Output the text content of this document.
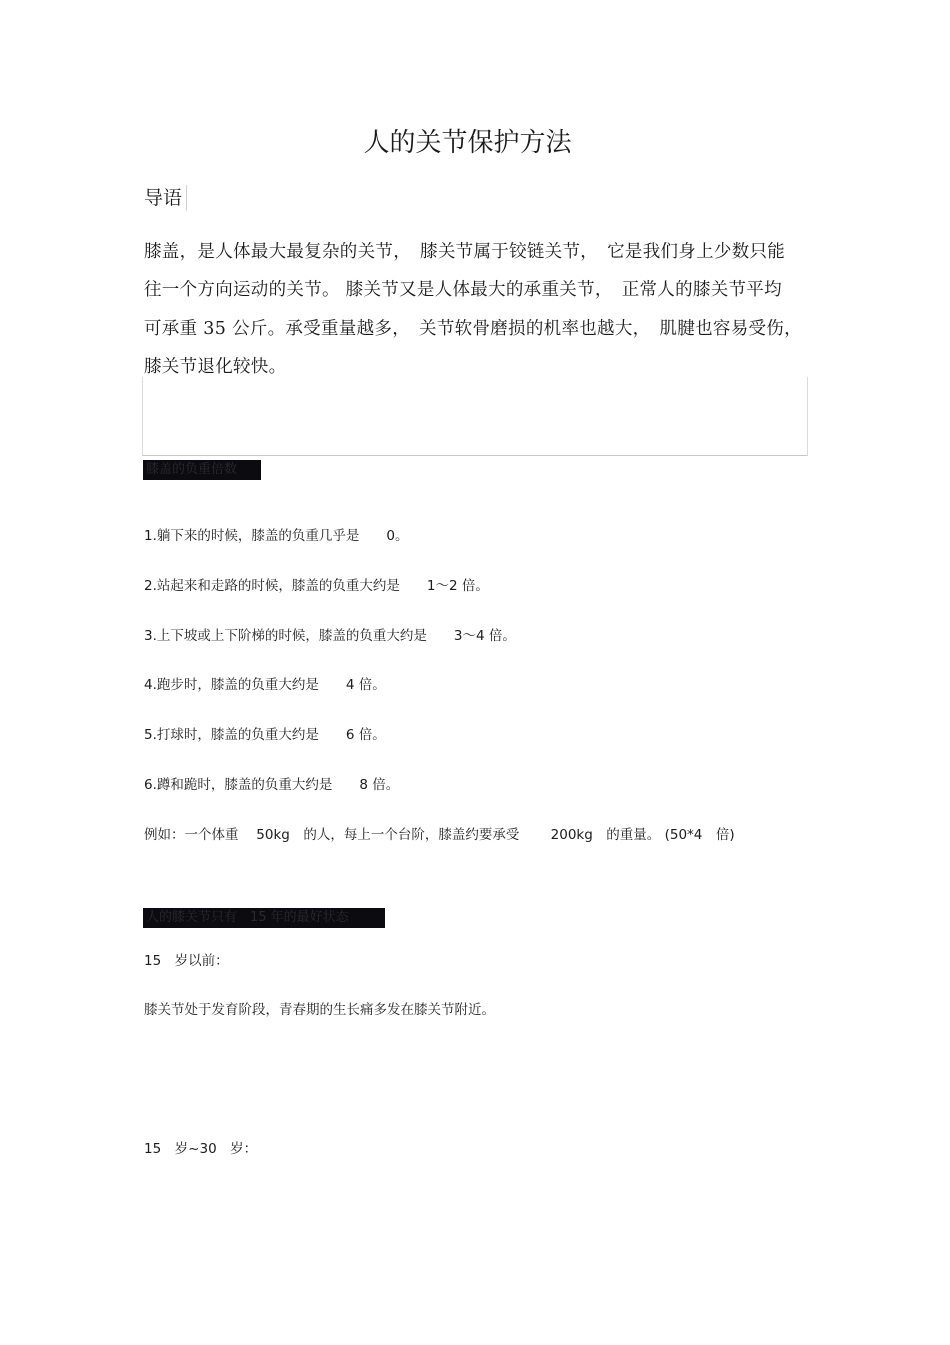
人的关节保护方法
导语
膝盖，是人体最大最复杂的关节，　膝关节属于铰链关节，　它是我们身上少数只能
往一个方向运动的关节。 膝关节又是人体最大的承重关节，　正常人的膝关节平均
可承重 35 公斤。承受重量越多，　关节软骨磨损的机率也越大，　肌腱也容易受伤，
膝关节退化较快。
膝盖的负重倍数
1.躺下来的时候，膝盖的负重几乎是　　0。
2.站起来和走路的时候，膝盖的负重大约是　　1～2 倍。
3.上下坡或上下阶梯的时候，膝盖的负重大约是　　3～4 倍。
4.跑步时，膝盖的负重大约是　　4 倍。
5.打球时，膝盖的负重大约是　　6 倍。
6.蹲和跪时，膝盖的负重大约是　　8 倍。
例如：一个体重　 50kg　的人，每上一个台阶，膝盖约要承受　　 200kg　的重量。 (50*4　倍)
人的膝关节只有　15 年的最好状态
15　岁以前：
膝关节处于发育阶段，青春期的生长痛多发在膝关节附近。
15　岁~30　岁：
